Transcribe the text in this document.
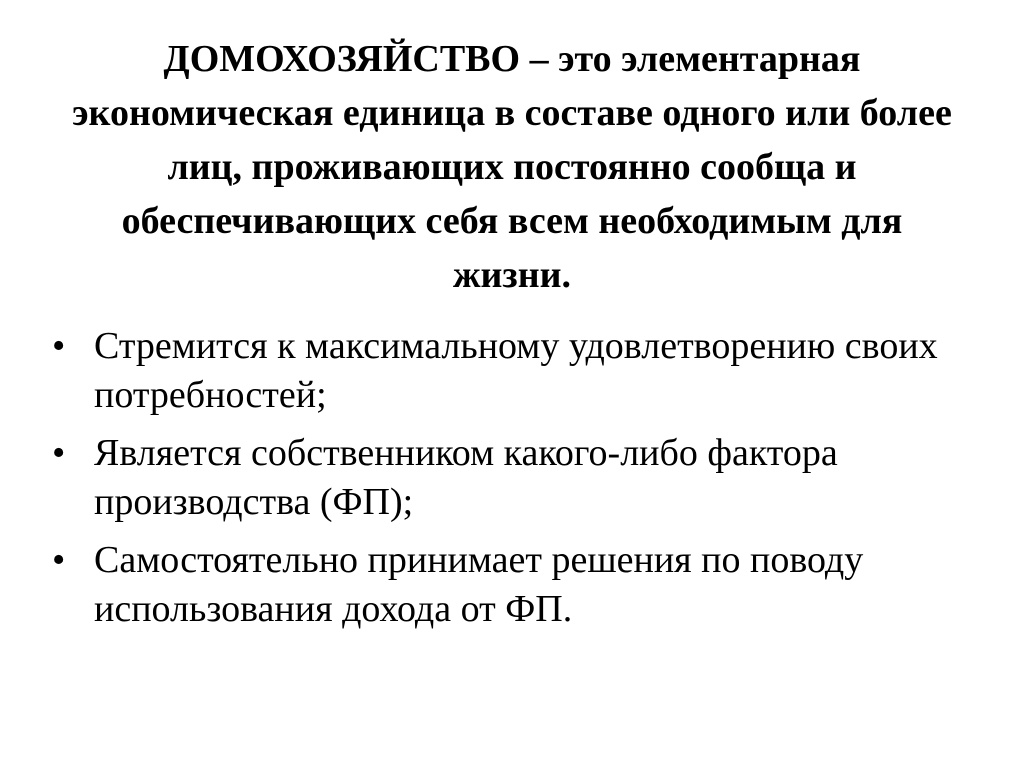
ДОМОХОЗЯЙСТВО – это элементарная экономическая единица в составе одного или более лиц, проживающих постоянно сообща и обеспечивающих себя всем необходимым для жизни.

• Стремится к максимальному удовлетворению своих потребностей;
• Является собственником какого-либо фактора производства (ФП);
• Самостоятельно принимает решения по поводу использования дохода от ФП.
